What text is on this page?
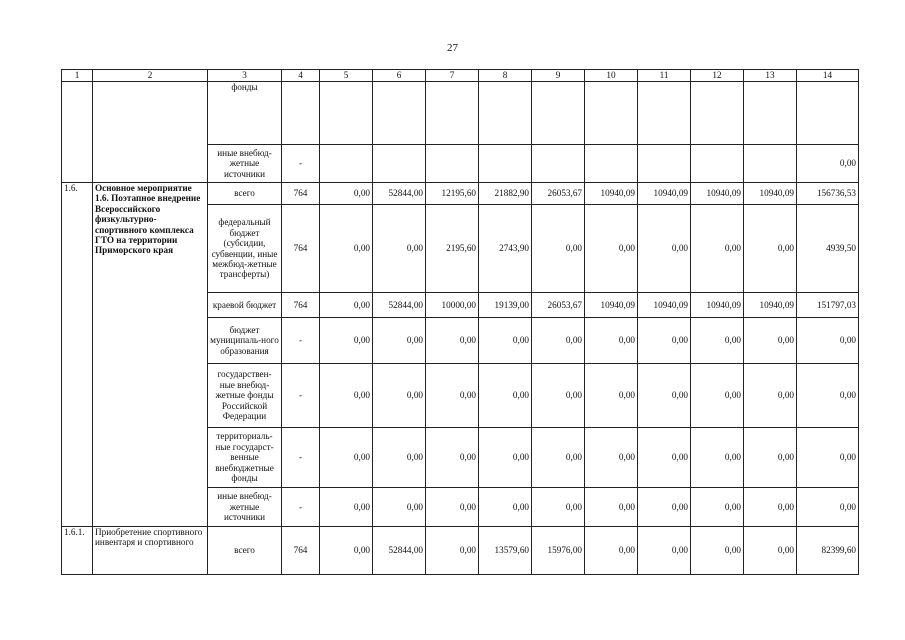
27
1	2	3	4	5	6	7	8	9	10	11	12	13	14
		фонды											
		иные внебюд-жетные источники	-										0,00
1.6.	Основное мероприятие 1.6. Поэтапное внедрение Всероссийского физкультурно-спортивного комплекса ГТО на территории Приморского края	всего	764	0,00	52844,00	12195,60	21882,90	26053,67	10940,09	10940,09	10940,09	10940,09	156736,53
		федеральный бюджет (субсидии, субвенции, иные межбюд-жетные трансферты)	764	0,00	0,00	2195,60	2743,90	0,00	0,00	0,00	0,00	0,00	4939,50
		краевой бюджет	764	0,00	52844,00	10000,00	19139,00	26053,67	10940,09	10940,09	10940,09	10940,09	151797,03
		бюджет муниципаль-ного образования	-	0,00	0,00	0,00	0,00	0,00	0,00	0,00	0,00	0,00	0,00
		государствен-ные внебюд-жетные фонды Российской Федерации	-	0,00	0,00	0,00	0,00	0,00	0,00	0,00	0,00	0,00	0,00
		территориаль-ные государст-венные внебюджетные фонды	-	0,00	0,00	0,00	0,00	0,00	0,00	0,00	0,00	0,00	0,00
		иные внебюд-жетные источники	-	0,00	0,00	0,00	0,00	0,00	0,00	0,00	0,00	0,00	0,00
1.6.1.	Приобретение спортивного инвентаря и спортивного	всего	764	0,00	52844,00	0,00	13579,60	15976,00	0,00	0,00	0,00	0,00	82399,60
